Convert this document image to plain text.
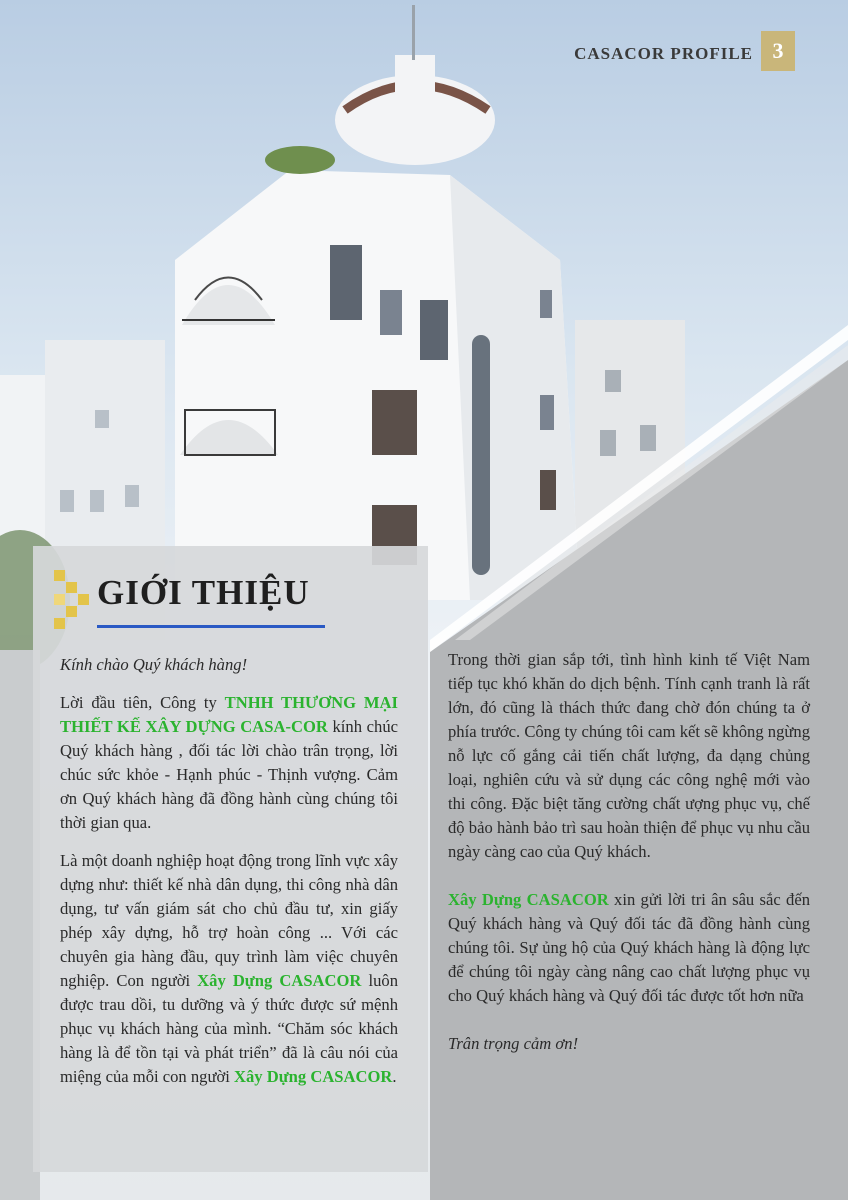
CASACOR PROFILE 3
GIỚI THIỆU

Kính chào Quý khách hàng!

Lời đầu tiên, Công ty TNHH THƯƠNG MẠI THIẾT KẾ XÂY DỰNG CASA-COR kính chúc Quý khách hàng , đối tác lời chào trân trọng, lời chúc sức khỏe - Hạnh phúc - Thịnh vượng. Cảm ơn Quý khách hàng đã đồng hành cùng chúng tôi thời gian qua.

Là một doanh nghiệp hoạt động trong lĩnh vực xây dựng như: thiết kế nhà dân dụng, thi công nhà dân dụng, tư vấn giám sát cho chủ đầu tư, xin giấy phép xây dựng, hỗ trợ hoàn công ... Với các chuyên gia hàng đầu, quy trình làm việc chuyên nghiệp. Con người Xây Dựng CASACOR luôn được trau dồi, tu dưỡng và ý thức được sứ mệnh phục vụ khách hàng của mình. “Chăm sóc khách hàng là để tồn tại và phát triển” đã là câu nói của miệng của mỗi con người Xây Dựng CASACOR.

Trong thời gian sắp tới, tình hình kinh tế Việt Nam tiếp tục khó khăn do dịch bệnh. Tính cạnh tranh là rất lớn, đó cũng là thách thức đang chờ đón chúng ta ở phía trước. Công ty chúng tôi cam kết sẽ không ngừng nỗ lực cố gắng cải tiến chất lượng, đa dạng chủng loại, nghiên cứu và sử dụng các công nghệ mới vào thi công. Đặc biệt tăng cường chất ượng phục vụ, chế độ bảo hành bảo trì sau hoàn thiện để phục vụ nhu cầu ngày càng cao của Quý khách.

Xây Dựng CASACOR xin gửi lời tri ân sâu sắc đến Quý khách hàng và Quý đối tác đã đồng hành cùng chúng tôi. Sự ủng hộ của Quý khách hàng là động lực để chúng tôi ngày càng nâng cao chất lượng phục vụ cho Quý khách hàng và Quý đối tác được tốt hơn nữa

Trân trọng cảm ơn!
